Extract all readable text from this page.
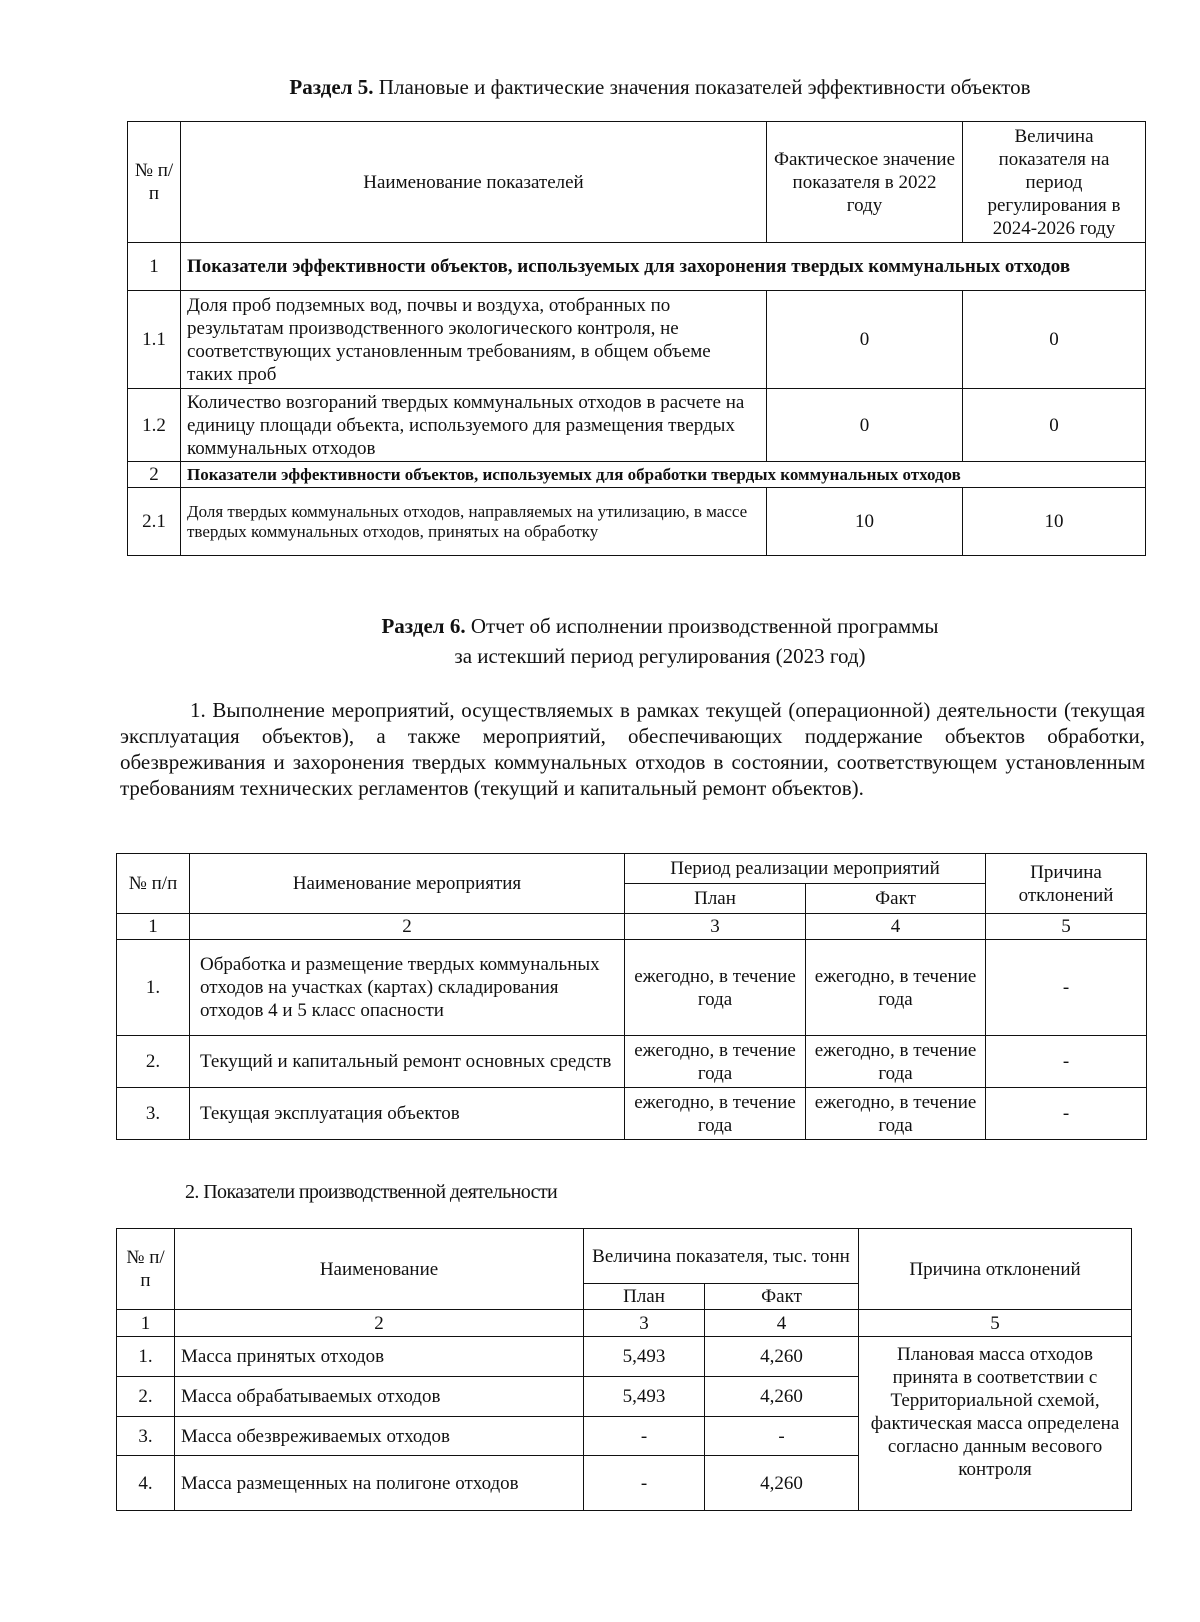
Раздел 5. Плановые и фактические значения показателей эффективности объектов
№ п/ п	Наименование показателей	Фактическое значение показателя в 2022 году	Величина показателя на период регулирования в 2024-2026 году
1	Показатели эффективности объектов, используемых для захоронения твердых коммунальных отходов		
1.1	Доля проб подземных вод, почвы и воздуха, отобранных по результатам производственного экологического контроля, не соответствующих установленным требованиям, в общем объеме таких проб	0	0
1.2	Количество возгораний твердых коммунальных отходов в расчете на единицу площади объекта, используемого для размещения твердых коммунальных отходов	0	0
2	Показатели эффективности объектов, используемых для обработки твердых коммунальных отходов		
2.1	Доля твердых коммунальных отходов, направляемых на утилизацию, в массе твердых коммунальных отходов, принятых на обработку	10	10
Раздел 6. Отчет об исполнении производственной программы
за истекший период регулирования (2023 год)
1. Выполнение мероприятий, осуществляемых в рамках текущей (операционной) деятельности (текущая эксплуатация объектов), а также мероприятий, обеспечивающих поддержание объектов обработки, обезвреживания и захоронения твердых коммунальных отходов в состоянии, соответствующем установленным требованиям технических регламентов (текущий и капитальный ремонт объектов).
№ п/п	Наименование мероприятия	Период реализации мероприятий		Причина отклонений
		План	Факт	
1	2	3	4	5
1.	Обработка и размещение твердых коммунальных отходов на участках (картах) складирования отходов 4 и 5 класс опасности	ежегодно, в течение года	ежегодно, в течение года	-
2.	Текущий и капитальный ремонт основных средств	ежегодно, в течение года	ежегодно, в течение года	-
3.	Текущая эксплуатация объектов	ежегодно, в течение года	ежегодно, в течение года	-
2. Показатели производственной деятельности
№ п/п	Наименование	Величина показателя, тыс. тонн		Причина отклонений
		План	Факт	
1	2	3	4	5
1.	Масса принятых отходов	5,493	4,260	Плановая масса отходов принята в соответствии с Территориальной схемой, фактическая масса определена согласно данным весового контроля
2.	Масса обрабатываемых отходов	5,493	4,260	
3.	Масса обезвреживаемых отходов	-	-	
4.	Масса размещенных на полигоне отходов	-	4,260	
